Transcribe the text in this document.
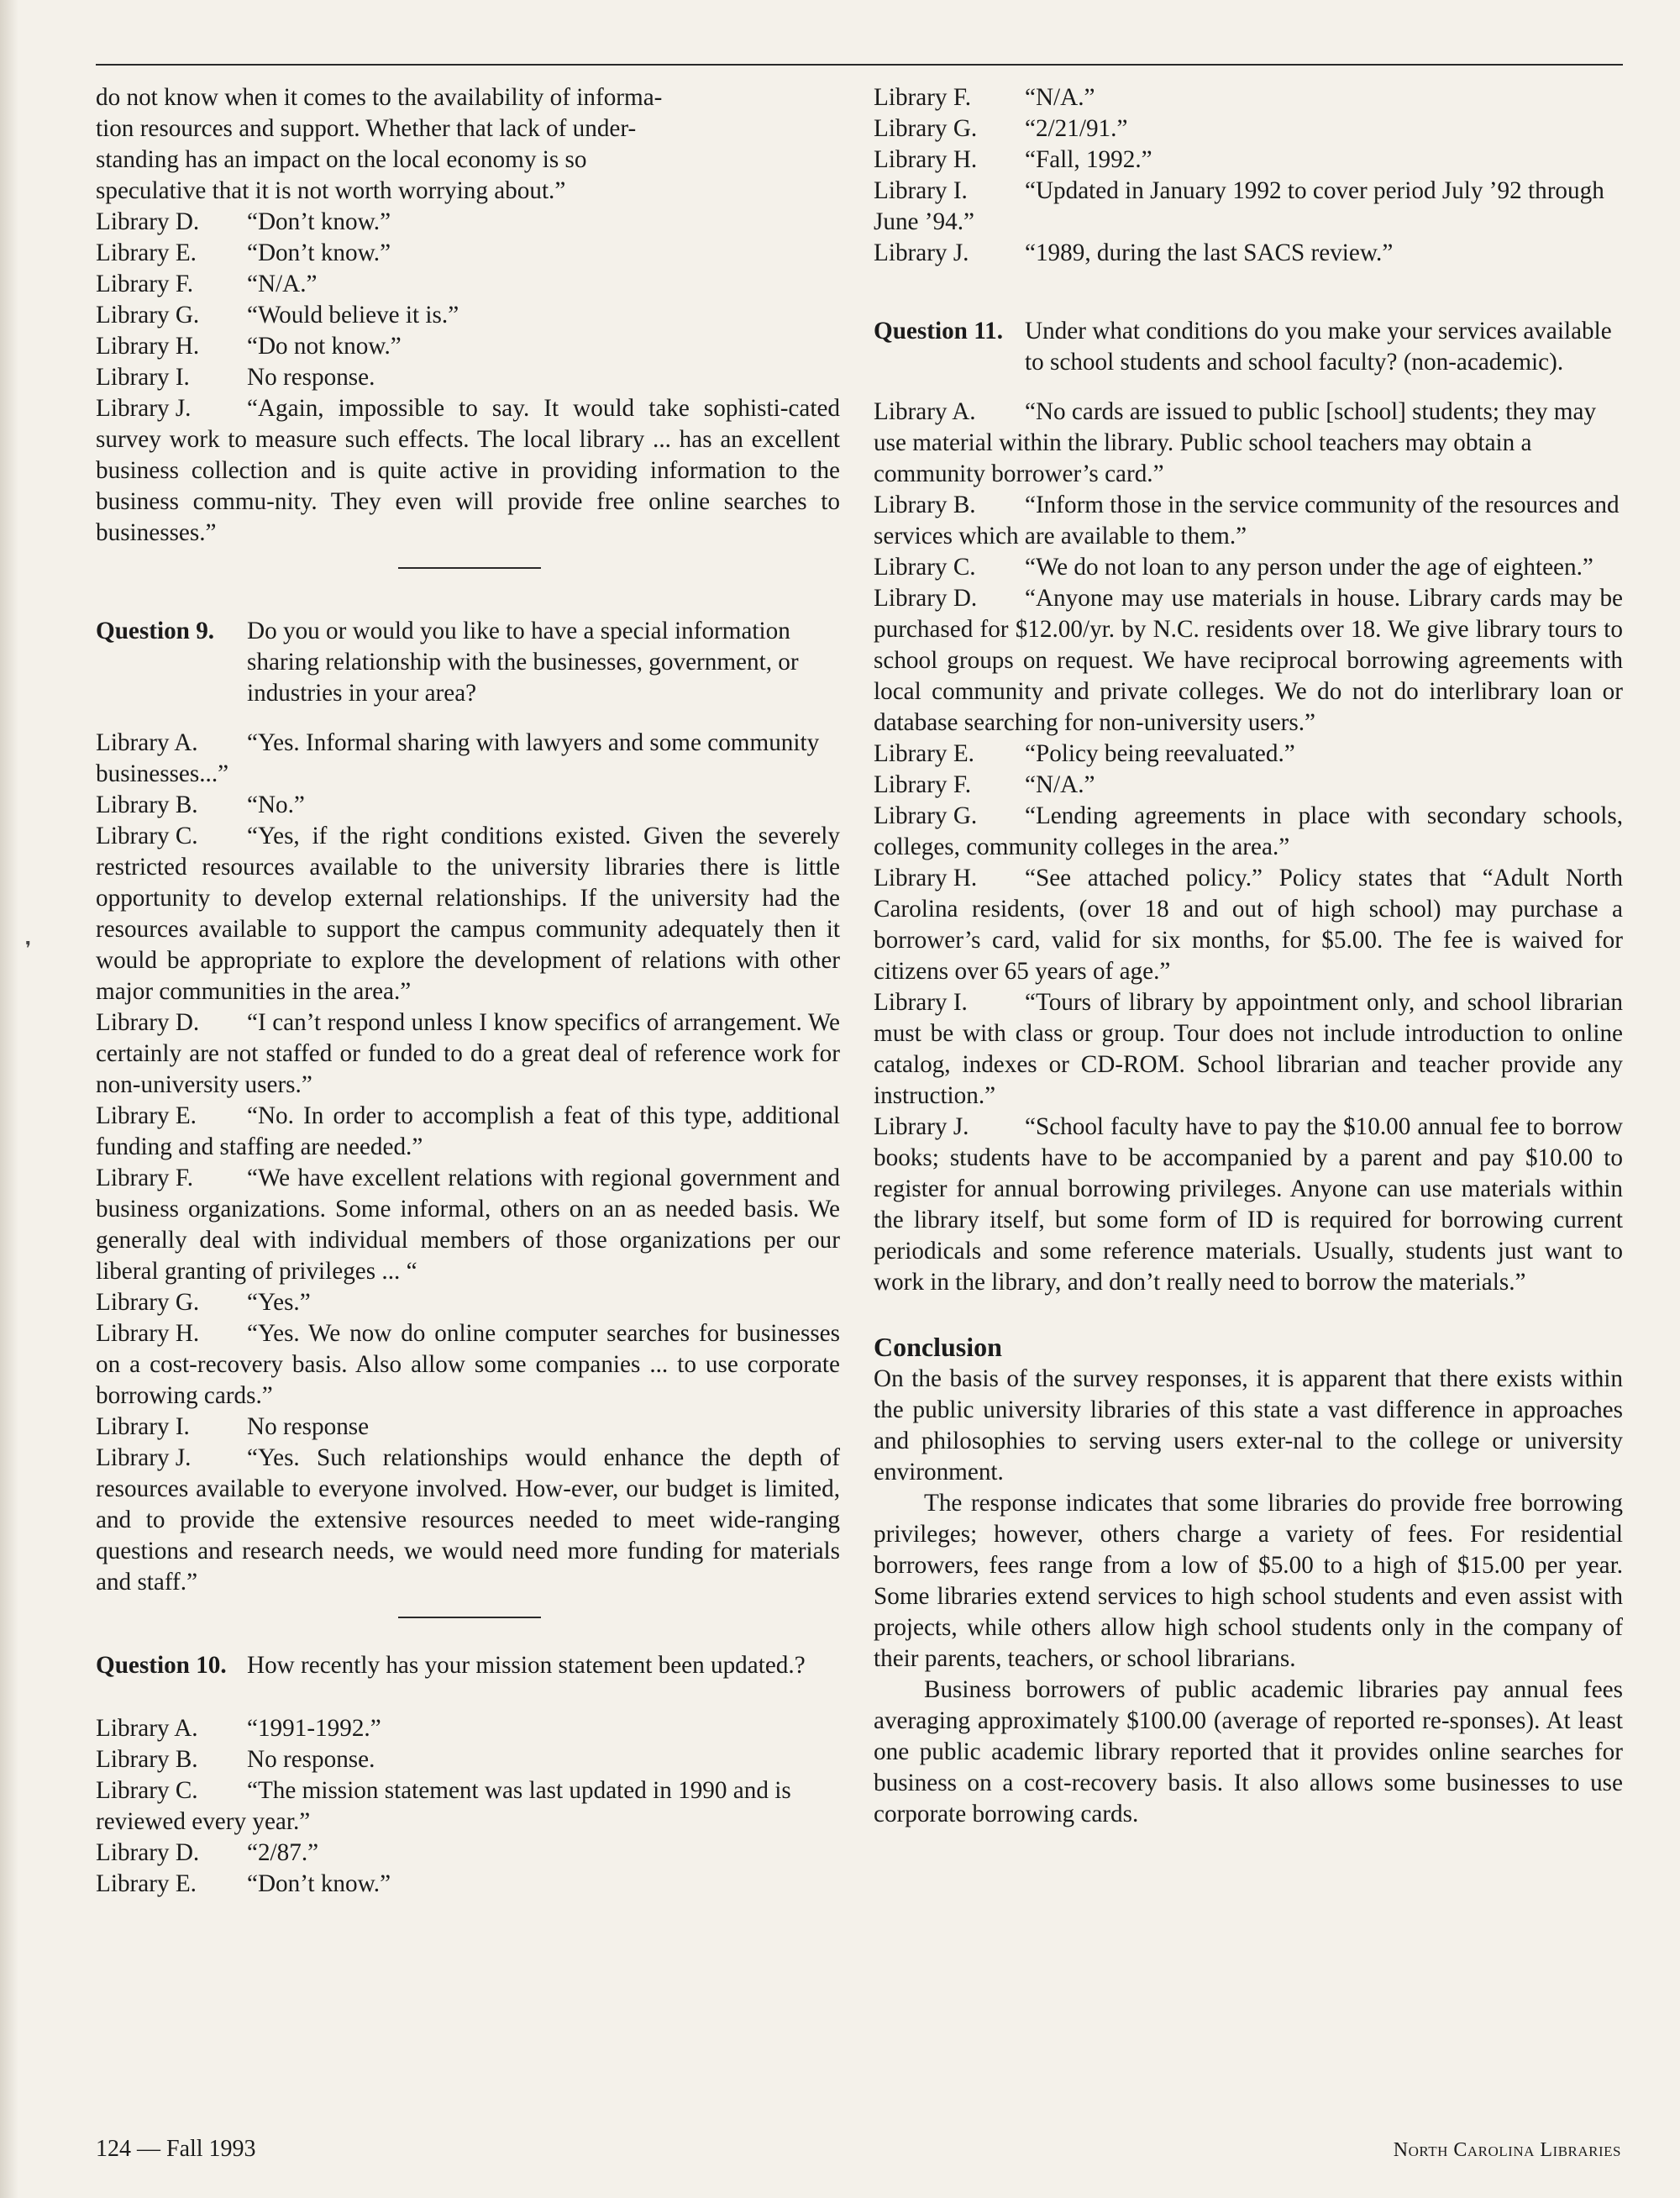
❜
do not know when it comes to the availability of informa-
tion resources and support. Whether that lack of under-
standing has an impact on the local economy is so
speculative that it is not worth worrying about.”

Library D. “Don’t know.”

Library E. “Don’t know.”

Library F. “N/A.”

Library G. “Would believe it is.”

Library H. “Do not know.”

Library I. No response.

Library J. “Again, impossible to say. It would take sophisti-cated survey work to measure such effects. The local library ... has an excellent business collection and is quite active in providing information to the business commu-nity. They even will provide free online searches to businesses.”

Question 9. Do you or would you like to have a special information sharing relationship with the businesses, government, or industries in your area?

Library A. “Yes. Informal sharing with lawyers and some community businesses...”

Library B. “No.”

Library C. “Yes, if the right conditions existed. Given the severely restricted resources available to the university libraries there is little opportunity to develop external relationships. If the university had the resources available to support the campus community adequately then it would be appropriate to explore the development of relations with other major communities in the area.”

Library D. “I can’t respond unless I know specifics of arrangement. We certainly are not staffed or funded to do a great deal of reference work for non-university users.”

Library E. “No. In order to accomplish a feat of this type, additional funding and staffing are needed.”

Library F. “We have excellent relations with regional government and business organizations. Some informal, others on an as needed basis. We generally deal with individual members of those organizations per our liberal granting of privileges ... “

Library G. “Yes.”

Library H. “Yes. We now do online computer searches for businesses on a cost-recovery basis. Also allow some companies ... to use corporate borrowing cards.”

Library I. No response

Library J. “Yes. Such relationships would enhance the depth of resources available to everyone involved. How-ever, our budget is limited, and to provide the extensive resources needed to meet wide-ranging questions and research needs, we would need more funding for materials and staff.”

Question 10. How recently has your mission statement been updated.?

Library A. “1991-1992.”

Library B. No response.

Library C. “The mission statement was last updated in 1990 and is reviewed every year.”

Library D. “2/87.”

Library E. “Don’t know.”

Library F. “N/A.”

Library G. “2/21/91.”

Library H. “Fall, 1992.”

Library I. “Updated in January 1992 to cover period July ’92 through June ’94.”

Library J. “1989, during the last SACS review.”

Question 11. Under what conditions do you make your services available to school students and school faculty? (non-academic).

Library A. “No cards are issued to public [school] students; they may use material within the library. Public school teachers may obtain a community borrower’s card.”

Library B. “Inform those in the service community of the resources and services which are available to them.”

Library C. “We do not loan to any person under the age of eighteen.”

Library D. “Anyone may use materials in house. Library cards may be purchased for $12.00/yr. by N.C. residents over 18. We give library tours to school groups on request. We have reciprocal borrowing agreements with local community and private colleges. We do not do interlibrary loan or database searching for non-university users.”

Library E. “Policy being reevaluated.”

Library F. “N/A.”

Library G. “Lending agreements in place with secondary schools, colleges, community colleges in the area.”

Library H. “See attached policy.” Policy states that “Adult North Carolina residents, (over 18 and out of high school) may purchase a borrower’s card, valid for six months, for $5.00. The fee is waived for citizens over 65 years of age.”

Library I. “Tours of library by appointment only, and school librarian must be with class or group. Tour does not include introduction to online catalog, indexes or CD-ROM. School librarian and teacher provide any instruction.”

Library J. “School faculty have to pay the $10.00 annual fee to borrow books; students have to be accompanied by a parent and pay $10.00 to register for annual borrowing privileges. Anyone can use materials within the library itself, but some form of ID is required for borrowing current periodicals and some reference materials. Usually, students just want to work in the library, and don’t really need to borrow the materials.”

Conclusion

On the basis of the survey responses, it is apparent that there exists within the public university libraries of this state a vast difference in approaches and philosophies to serving users exter-nal to the college or university environment.

The response indicates that some libraries do provide free borrowing privileges; however, others charge a variety of fees. For residential borrowers, fees range from a low of $5.00 to a high of $15.00 per year. Some libraries extend services to high school students and even assist with projects, while others allow high school students only in the company of their parents, teachers, or school librarians.

Business borrowers of public academic libraries pay annual fees averaging approximately $100.00 (average of reported re-sponses). At least one public academic library reported that it provides online searches for business on a cost-recovery basis. It also allows some businesses to use corporate borrowing cards.

124 — Fall 1993	North Carolina Libraries
